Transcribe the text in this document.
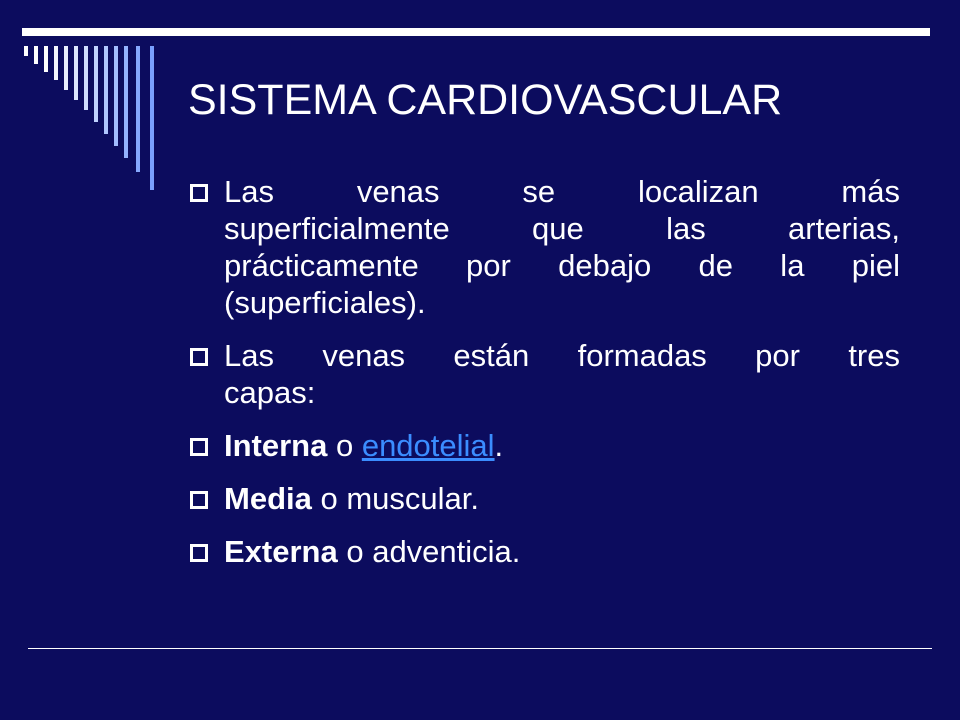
SISTEMA CARDIOVASCULAR
Las venas se localizan más
superficialmente que las arterias,
prácticamente por debajo de la piel
(superficiales).
Las venas están formadas por tres
capas:
Interna o endotelial.
Media o muscular.
Externa o adventicia.
